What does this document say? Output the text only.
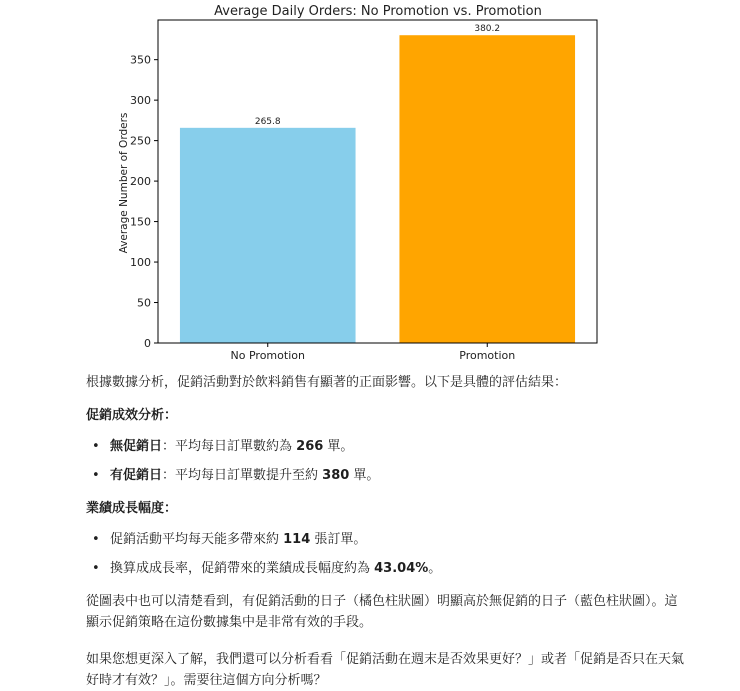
Average Daily Orders: No Promotion vs. Promotion
Average Number of Orders	265.8
380.2
0
50
100
150
200
250
300
350
No Promotion	Promotion

根據數據分析，促銷活動對於飲料銷售有顯著的正面影響。以下是具體的評估結果：

促銷成效分析：

• 無促銷日：平均每日訂單數約為 266 單。
• 有促銷日：平均每日訂單數提升至約 380 單。

業績成長幅度：

• 促銷活動平均每天能多帶來約 114 張訂單。
• 換算成成長率，促銷帶來的業績成長幅度約為 43.04%。

從圖表中也可以清楚看到，有促銷活動的日子（橘色柱狀圖）明顯高於無促銷的日子（藍色柱狀圖）。這顯示促銷策略在這份數據集中是非常有效的手段。

如果您想更深入了解，我們還可以分析看看「促銷活動在週末是否效果更好？」或者「促銷是否只在天氣好時才有效？」。需要往這個方向分析嗎？
